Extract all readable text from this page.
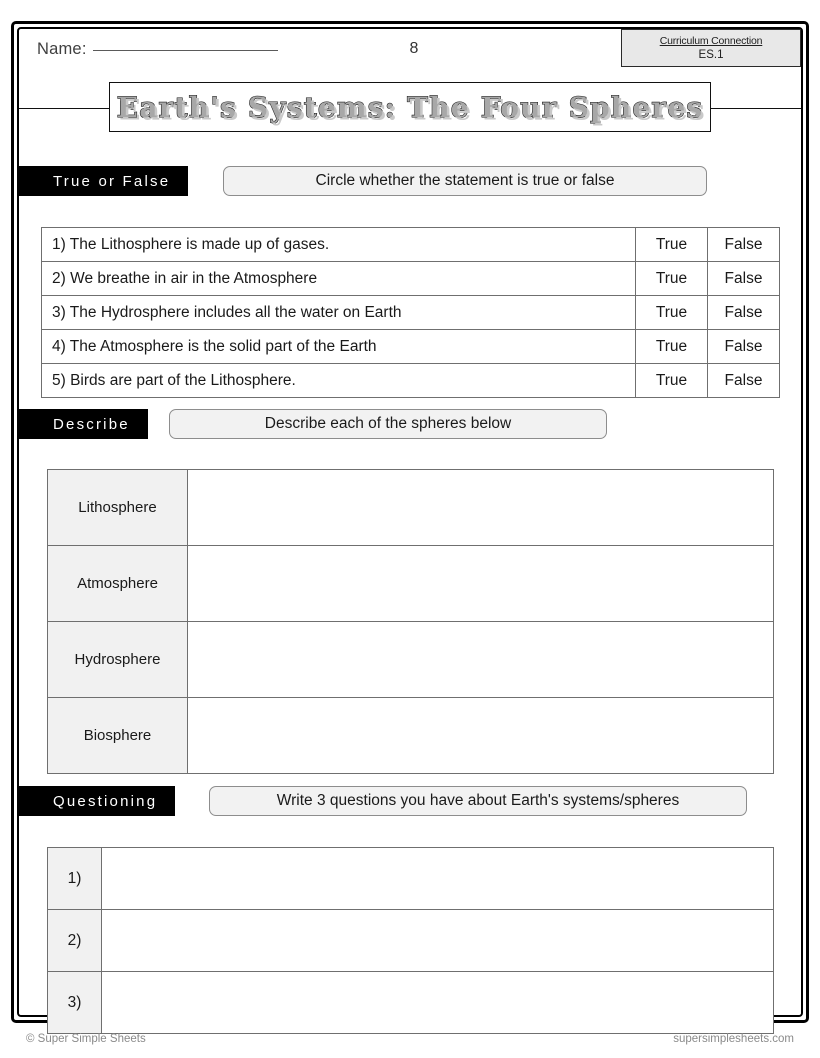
Name:	8	Curriculum Connection
ES.1
Earth's Systems: The Four Spheres
True or False	Circle whether the statement is true or false
1) The Lithosphere is made up of gases.	True	False
2) We breathe in air in the Atmosphere	True	False
3) The Hydrosphere includes all the water on Earth	True	False
4) The Atmosphere is the solid part of the Earth	True	False
5) Birds are part of the Lithosphere.	True	False
Describe	Describe each of the spheres below
Lithosphere	
Atmosphere	
Hydrosphere	
Biosphere	
Questioning	Write 3 questions you have about Earth's systems/spheres
1)	
2)	
3)	
© Super Simple Sheets	supersimplesheets.com
